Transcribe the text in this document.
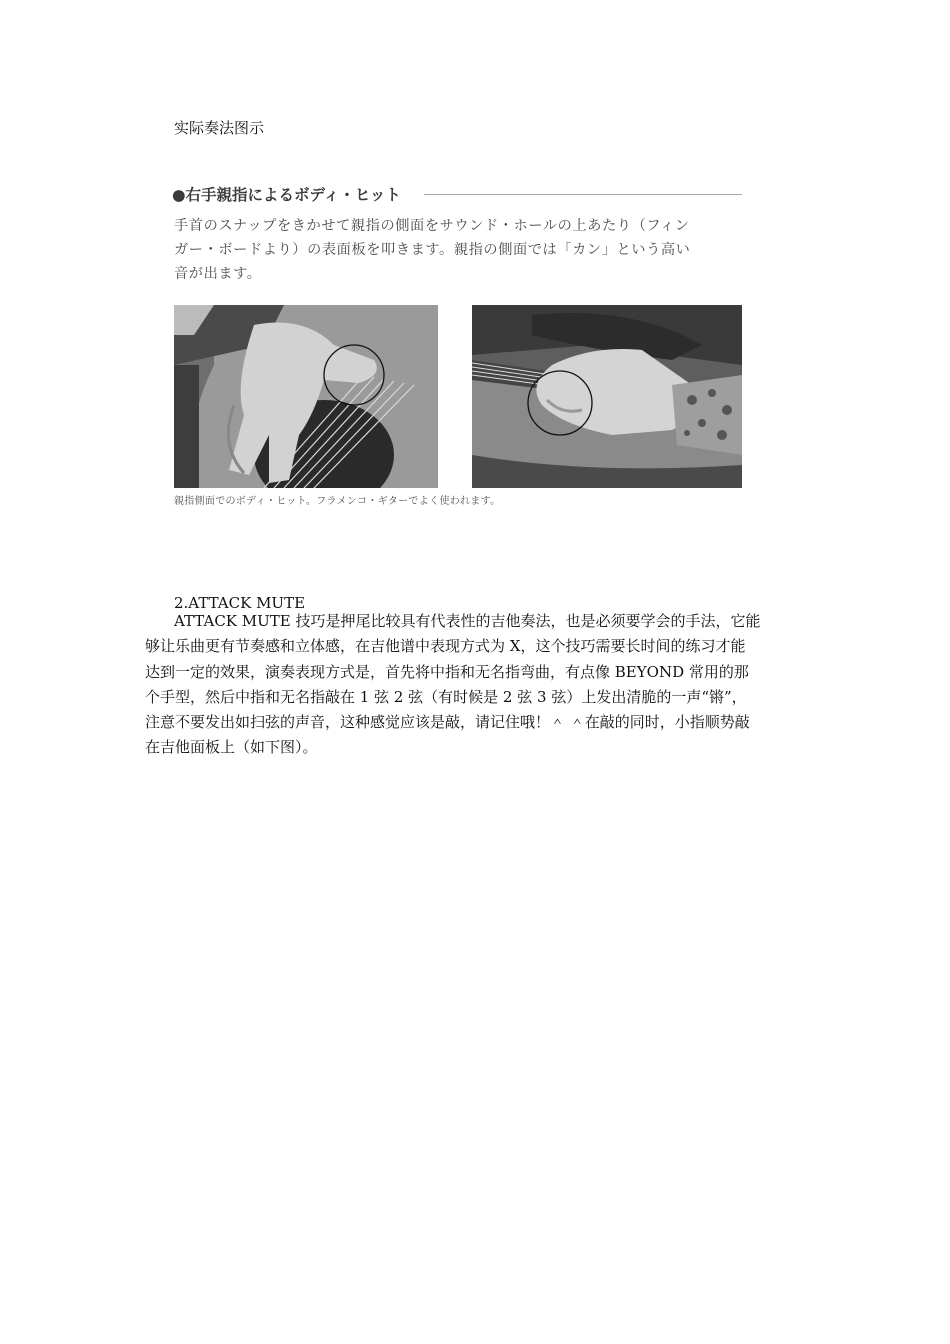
实际奏法图示
●右手親指によるボディ・ヒット
手首のスナップをきかせて親指の側面をサウンド・ホールの上あたり（フィン
ガー・ボードより）の表面板を叩きます。親指の側面では「カン」という高い
音が出ます。
親指側面でのボディ・ヒット。フラメンコ・ギターでよく使われます。
2.ATTACK MUTE
ATTACK MUTE 技巧是押尾比较具有代表性的吉他奏法，也是必须要学会的手法，它能
够让乐曲更有节奏感和立体感，在吉他谱中表现方式为 X，这个技巧需要长时间的练习才能
达到一定的效果，演奏表现方式是，首先将中指和无名指弯曲，有点像 BEYOND 常用的那
个手型，然后中指和无名指敲在 1 弦 2 弦（有时候是 2 弦 3 弦）上发出清脆的一声“锵”，
注意不要发出如扫弦的声音，这种感觉应该是敲，请记住哦！＾ ＾在敲的同时，小指顺势敲
在吉他面板上（如下图）。
